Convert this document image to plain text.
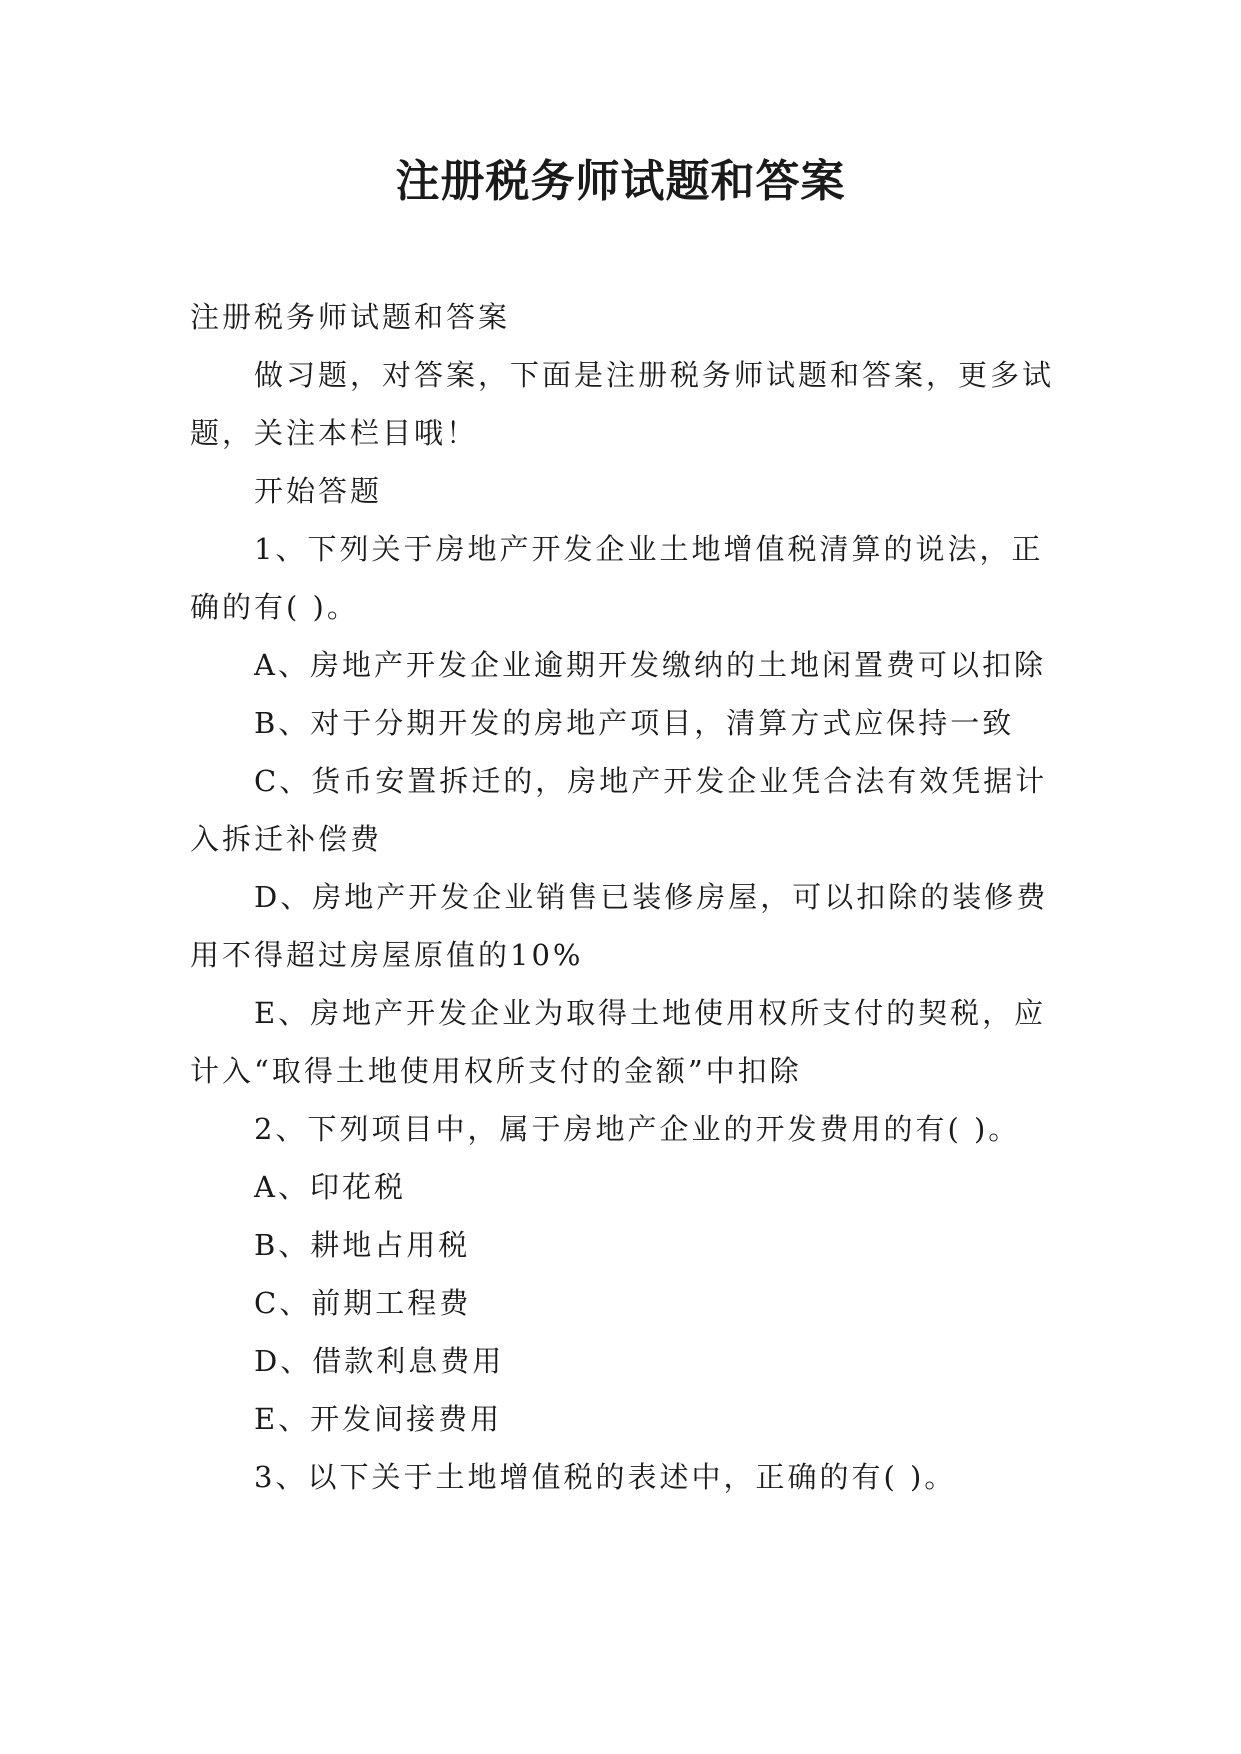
注册税务师试题和答案

注册税务师试题和答案

做习题，对答案，下面是注册税务师试题和答案，更多试题，关注本栏目哦！

开始答题

1、下列关于房地产开发企业土地增值税清算的说法，正确的有( )。

A、房地产开发企业逾期开发缴纳的土地闲置费可以扣除

B、对于分期开发的房地产项目，清算方式应保持一致

C、货币安置拆迁的，房地产开发企业凭合法有效凭据计入拆迁补偿费

D、房地产开发企业销售已装修房屋，可以扣除的装修费用不得超过房屋原值的10%

E、房地产开发企业为取得土地使用权所支付的契税，应计入“取得土地使用权所支付的金额”中扣除

2、下列项目中，属于房地产企业的开发费用的有( )。

A、印花税

B、耕地占用税

C、前期工程费

D、借款利息费用

E、开发间接费用

3、以下关于土地增值税的表述中，正确的有( )。
